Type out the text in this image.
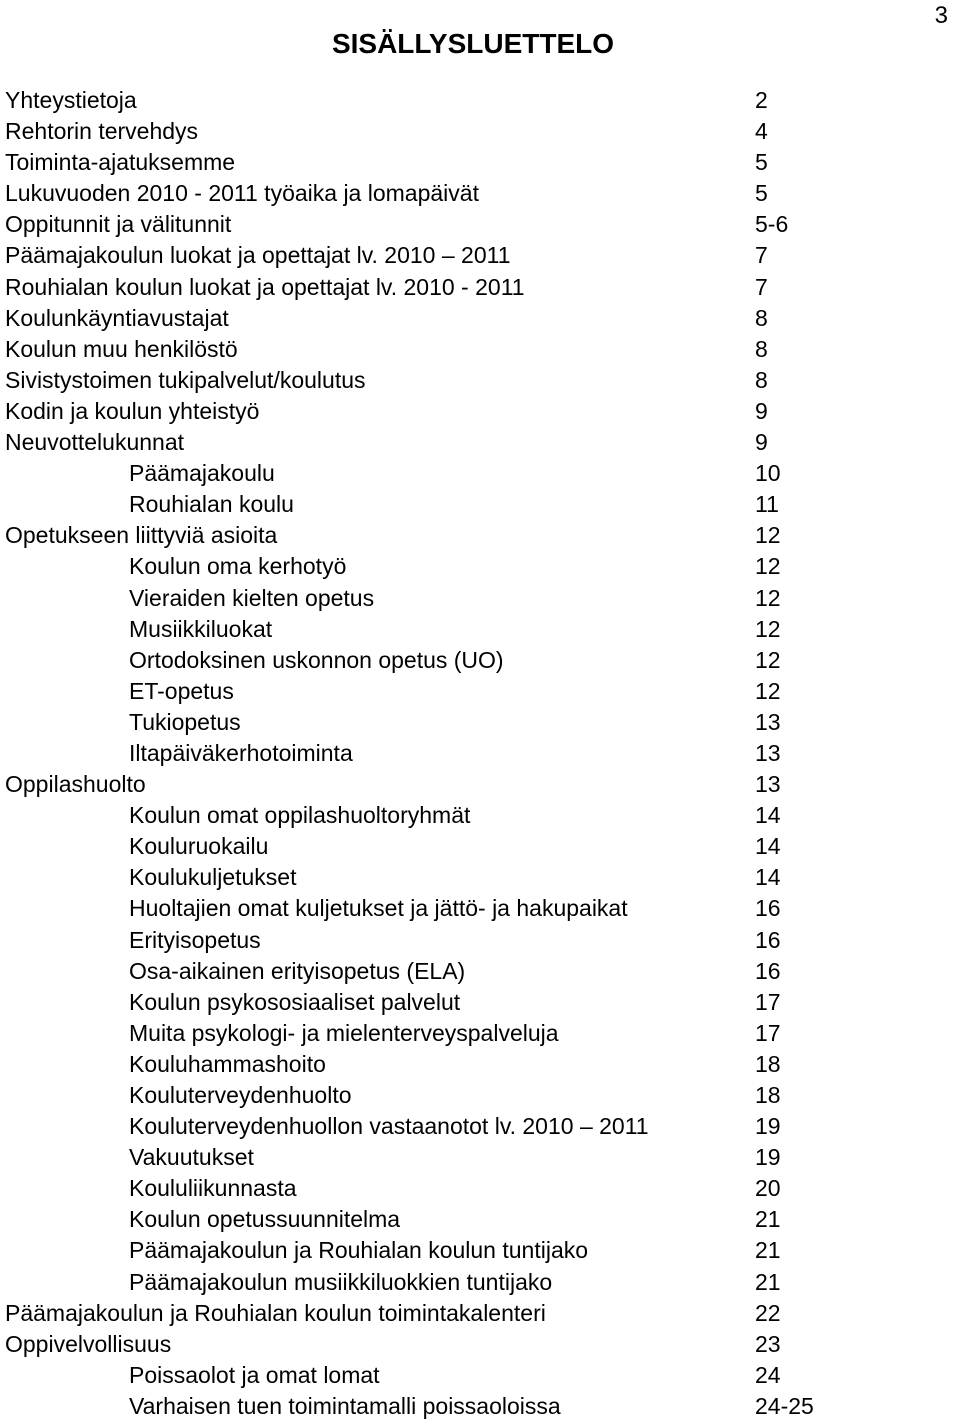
3
SISÄLLYSLUETTELO
Yhteystietoja	2
Rehtorin tervehdys	4
Toiminta-ajatuksemme	5
Lukuvuoden 2010 - 2011 työaika ja lomapäivät	5
Oppitunnit ja välitunnit	5-6
Päämajakoulun luokat ja opettajat lv. 2010 – 2011	7
Rouhialan koulun luokat ja opettajat lv. 2010 - 2011	7
Koulunkäyntiavustajat	8
Koulun muu henkilöstö	8
Sivistystoimen tukipalvelut/koulutus	8
Kodin ja koulun yhteistyö	9
Neuvottelukunnat	9
Päämajakoulu	10
Rouhialan koulu	11
Opetukseen liittyviä asioita	12
Koulun oma kerhotyö	12
Vieraiden kielten opetus	12
Musiikkiluokat	12
Ortodoksinen uskonnon opetus (UO)	12
ET-opetus	12
Tukiopetus	13
Iltapäiväkerhotoiminta	13
Oppilashuolto	13
Koulun omat oppilashuoltoryhmät	14
Kouluruokailu	14
Koulukuljetukset	14
Huoltajien omat kuljetukset ja jättö- ja hakupaikat	16
Erityisopetus	16
Osa-aikainen erityisopetus (ELA)	16
Koulun psykososiaaliset palvelut	17
Muita psykologi- ja mielenterveyspalveluja	17
Kouluhammashoito	18
Kouluterveydenhuolto	18
Kouluterveydenhuollon vastaanotot lv. 2010 – 2011	19
Vakuutukset	19
Koululiikunnasta	20
Koulun opetussuunnitelma	21
Päämajakoulun ja Rouhialan koulun tuntijako	21
Päämajakoulun musiikkiluokkien tuntijako	21
Päämajakoulun ja Rouhialan koulun toimintakalenteri	22
Oppivelvollisuus	23
Poissaolot ja omat lomat	24
Varhaisen tuen toimintamalli poissaoloissa	24-25
